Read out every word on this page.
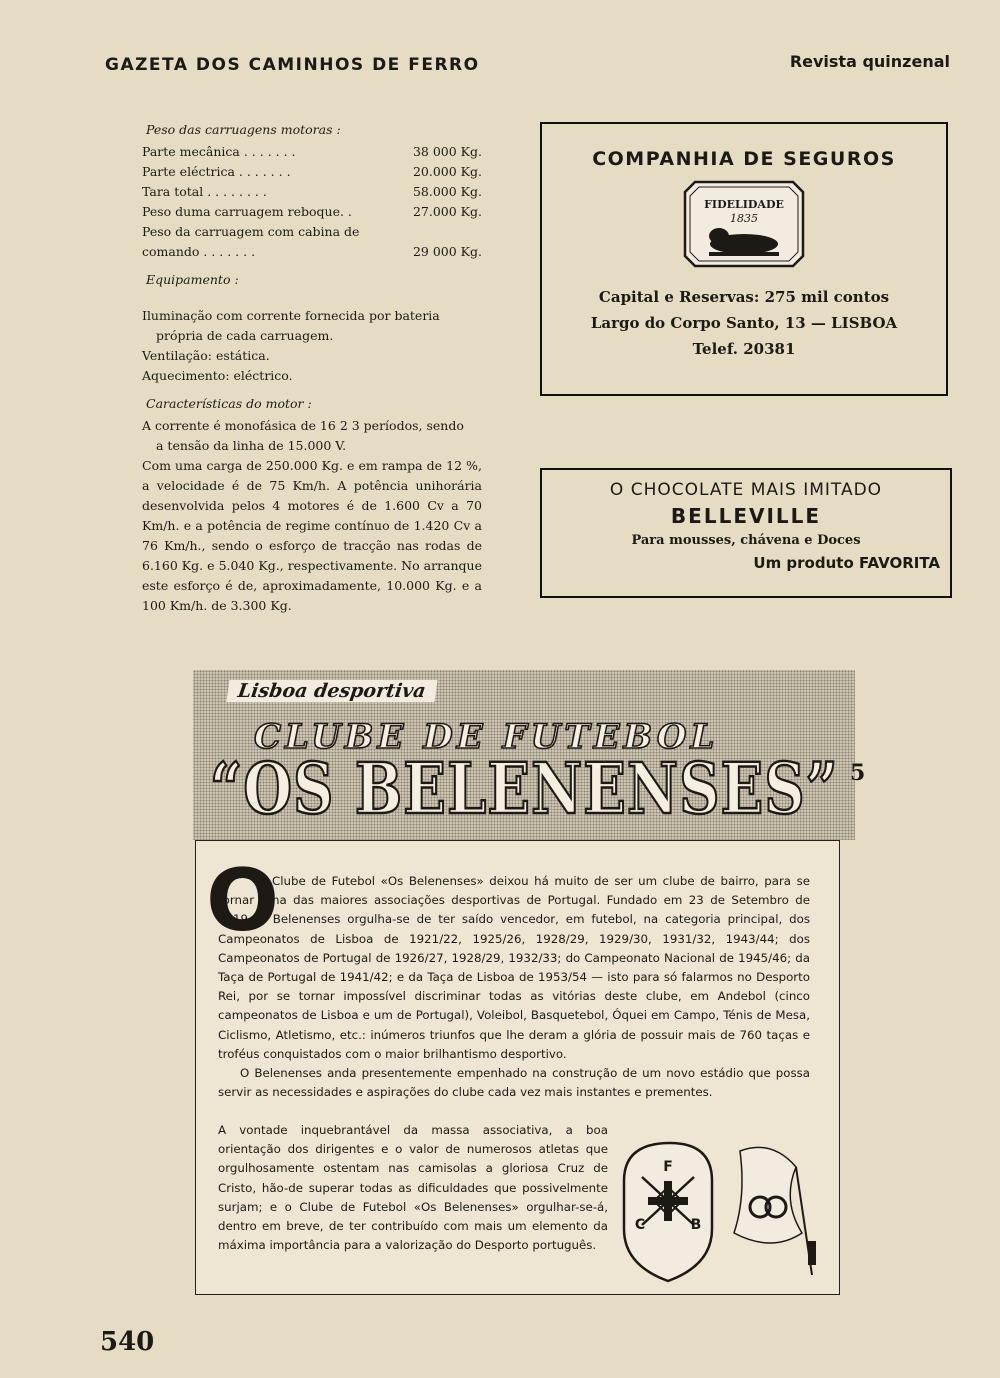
GAZETA DOS CAMINHOS DE FERRO	Revista quinzenal
Peso das carruagens motoras :
Parte mecânica . . . . . . .	38 000 Kg.
Parte eléctrica . . . . . . .	20.000 Kg.
Tara total . . . . . . . .	58.000 Kg.
Peso duma carruagem reboque. .	27.000 Kg.
Peso da carruagem com cabina de	
comando . . . . . . .	29 000 Kg.
Equipamento :

Iluminação com corrente fornecida por bateria

própria de cada carruagem.

Ventilação: estática.

Aquecimento: eléctrico.

Características do motor :

A corrente é monofásica de 16 2 3 períodos, sendo

a tensão da linha de 15.000 V.

Com uma carga de 250.000 Kg. e em rampa de 12 %, a velocidade é de 75 Km/h. A potência unihorária desenvolvida pelos 4 motores é de 1.600 Cv a 70 Km/h. e a potência de regime contínuo de 1.420 Cv a 76 Km/h., sendo o esforço de tracção nas rodas de 6.160 Kg. e 5.040 Kg., respectivamente. No arranque este esforço é de, aproximadamente, 10.000 Kg. e a 100 Km/h. de 3.300 Kg.

COMPANHIA DE SEGUROS
FIDELIDADE
1835
Capital e Reservas: 275 mil contos
Largo do Corpo Santo, 13 — LISBOA
Telef. 20381
O CHOCOLATE MAIS IMITADO
BELLEVILLE
Para mousses, chávena e Doces
Um produto FAVORITA
Lisboa desportiva
CLUBE DE FUTEBOL
“OS BELENENSES” 5
O
Clube de Futebol «Os Belenenses» deixou há muito de ser um clube de bairro, para se tornar uma das maiores associações desportivas de Portugal. Fundado em 23 de Setembro de 1919, o Belenenses orgulha-se de ter saído vencedor, em futebol, na categoria principal, dos Campeonatos de Lisboa de 1921/22, 1925/26, 1928/29, 1929/30, 1931/32, 1943/44; dos Campeonatos de Portugal de 1926/27, 1928/29, 1932/33; do Campeonato Nacional de 1945/46; da Taça de Portugal de 1941/42; e da Taça de Lisboa de 1953/54 — isto para só falarmos no Desporto Rei, por se tornar impossível discriminar todas as vitórias deste clube, em Andebol (cinco campeonatos de Lisboa e um de Portugal), Voleibol, Basquetebol, Óquei em Campo, Ténis de Mesa, Ciclismo, Atletismo, etc.: inúmeros triunfos que lhe deram a glória de possuir mais de 760 taças e troféus conquistados com o maior brilhantismo desportivo.
O Belenenses anda presentemente empenhado na construção de um novo estádio que possa servir as necessidades e aspirações do clube cada vez mais instantes e prementes.
A vontade inquebrantável da massa associativa, a boa orientação dos dirigentes e o valor de numerosos atletas que orgulhosamente ostentam nas camisolas a gloriosa Cruz de Cristo, hão-de superar todas as dificuldades que possivelmente surjam; e o Clube de Futebol «Os Belenenses» orgulhar-se-á, dentro em breve, de ter contribuído com mais um elemento da máxima importância para a valorização do Desporto português.
F
C	B
540
